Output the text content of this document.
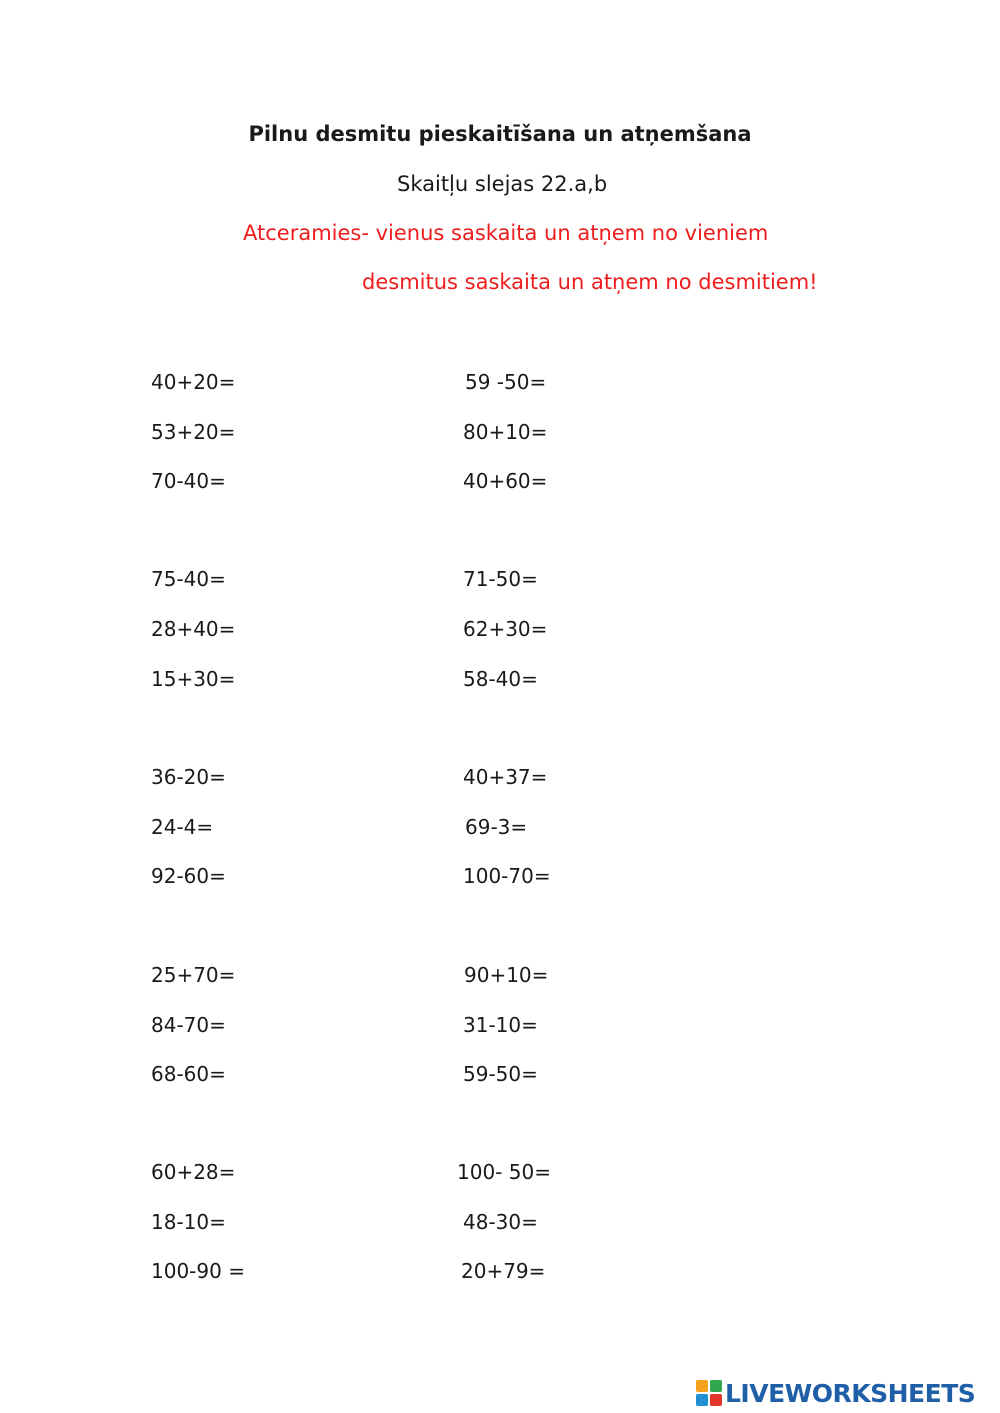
Pilnu desmitu pieskaitīšana un atņemšana
Skaitļu slejas 22.a,b
Atceramies- vienus saskaita un atņem no vieniem
desmitus saskaita un atņem no desmitiem!
40+20=	59 -50=
53+20=	80+10=
70-40=	40+60=
75-40=	71-50=
28+40=	62+30=
15+30=	58-40=
36-20=	40+37=
24-4=	69-3=
92-60=	100-70=
25+70=	90+10=
84-70=	31-10=
68-60=	59-50=
60+28=	100- 50=
18-10=	48-30=
100-90 =	20+79=
LIVEWORKSHEETS
